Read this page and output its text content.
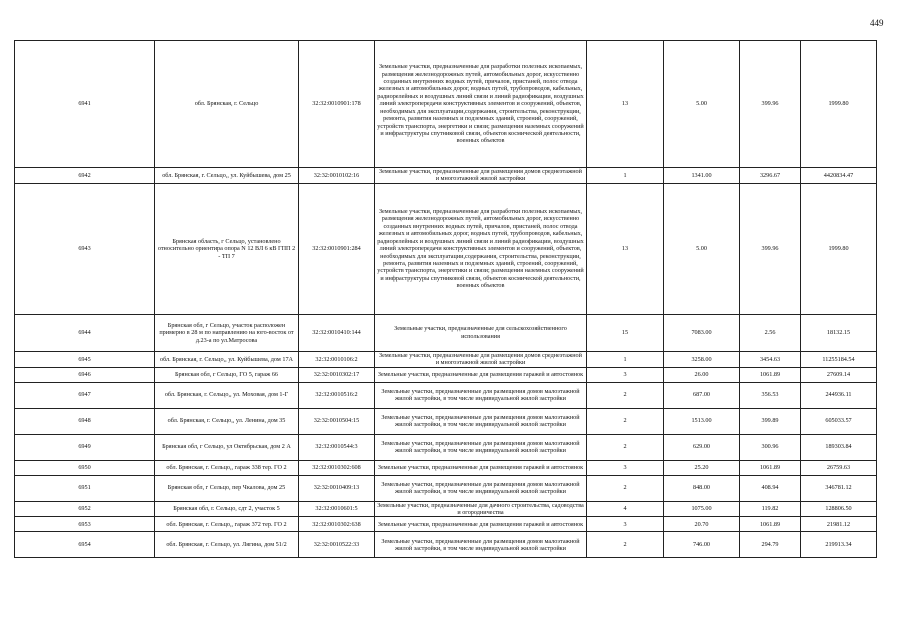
449
6941	обл. Брянская, г. Сельцо	32:32:0010901:178	Земельные участки, предназначенные для разработки полезных ископаемых, размещения железнодорожных путей, автомобильных дорог, искусственно созданных внутренних водных путей, причалов, пристаней, полос отвода железных и автомобильных дорог, водных путей, трубопроводов, кабельных, радиорелейных и воздушных линий связи и линий радиофикации, воздушных линий электропередачи конструктивных элементов и сооружений, объектов, необходимых для эксплуатации,содержания, строительства, реконструкции, ремонта, развития наземных и подземных зданий, строений, сооружений, устройств транспорта, энергетики и связи; размещения наземных сооружений и инфраструктуры спутниковой связи, объектов космической деятельности, военных объектов	13	5.00	399.96	1999.80
6942	обл. Брянская, г. Сельцо,, ул. Куйбышева, дом 25	32:32:0010102:16	Земельные участки, предназначенные для размещения домов среднеэтажной и многоэтажной жилой застройки	1	1341.00	3296.67	4420834.47
6943	Брянская область, г Сельцо, установлено относительно ориентира опора N 12 ВЛ 6 кВ ГПП 2 - ТП 7	32:32:0010901:284	Земельные участки, предназначенные для разработки полезных ископаемых, размещения железнодорожных путей, автомобильных дорог, искусственно созданных внутренних водных путей, причалов, пристаней, полос отвода железных и автомобильных дорог, водных путей, трубопроводов, кабельных, радиорелейных и воздушных линий связи и линий радиофикации, воздушных линий электропередачи конструктивных элементов и сооружений, объектов, необходимых для эксплуатации,содержания, строительства, реконструкции, ремонта, развития наземных и подземных зданий, строений, сооружений, устройств транспорта, энергетики и связи; размещения наземных сооружений и инфраструктуры спутниковой связи, объектов космической деятельности, военных объектов	13	5.00	399.96	1999.80
6944	Брянская обл, г Сельцо, участок расположен примерно в 28 м по направлению на юго-восток от д.23-а по ул.Матросова	32:32:0010410:144	Земельные участки, предназначенные для сельскохозяйственного использования	15	7083.00	2.56	18132.15
6945	обл. Брянская, г. Сельцо,, ул. Куйбышева, дом 17А	32:32:0010106:2	Земельные участки, предназначенные для размещения домов среднеэтажной и многоэтажной жилой застройки	1	3258.00	3454.63	11255184.54
6946	Брянская обл, г Сельцо, ГО 5, гараж 66	32:32:0010302:17	Земельные участки, предназначенные для размещения гаражей и автостоянок	3	26.00	1061.89	27609.14
6947	обл. Брянская, г. Сельцо,, ул. Моховая, дом 1-Г	32:32:0010516:2	Земельные участки, предназначенные для размещения домов малоэтажной жилой застройки, в том числе индивидуальной жилой застройки	2	687.00	356.53	244936.11
6948	обл. Брянская, г. Сельцо,, ул. Ленина, дом 35	32:32:0010504:15	Земельные участки, предназначенные для размещения домов малоэтажной жилой застройки, в том числе индивидуальной жилой застройки	2	1513.00	399.89	605033.57
6949	Брянская обл, г Сельцо, ул Октябрьская, дом 2 А	32:32:0010544:3	Земельные участки, предназначенные для размещения домов малоэтажной жилой застройки, в том числе индивидуальной жилой застройки	2	629.00	300.96	189303.84
6950	обл. Брянская, г. Сельцо,, гараж 338 тер. ГО 2	32:32:0010302:608	Земельные участки, предназначенные для размещения гаражей и автостоянок	3	25.20	1061.89	26759.63
6951	Брянская обл, г Сельцо, пер Чкалова, дом 25	32:32:0010409:13	Земельные участки, предназначенные для размещения домов малоэтажной жилой застройки, в том числе индивидуальной жилой застройки	2	848.00	408.94	346781.12
6952	Брянская обл, г. Сельцо, сдт 2, участок 5	32:32:0010601:5	Земельные участки, предназначенные для дачного строительства, садоводства и огородничества	4	1075.00	119.82	128806.50
6953	обл. Брянская, г. Сельцо,, гараж 372 тер. ГО 2	32:32:0010302:638	Земельные участки, предназначенные для размещения гаражей и автостоянок	3	20.70	1061.89	21981.12
6954	обл. Брянская, г. Сельцо, ул. Лягина, дом 51/2	32:32:0010522:33	Земельные участки, предназначенные для размещения домов малоэтажной жилой застройки, в том числе индивидуальной жилой застройки	2	746.00	294.79	219913.34
